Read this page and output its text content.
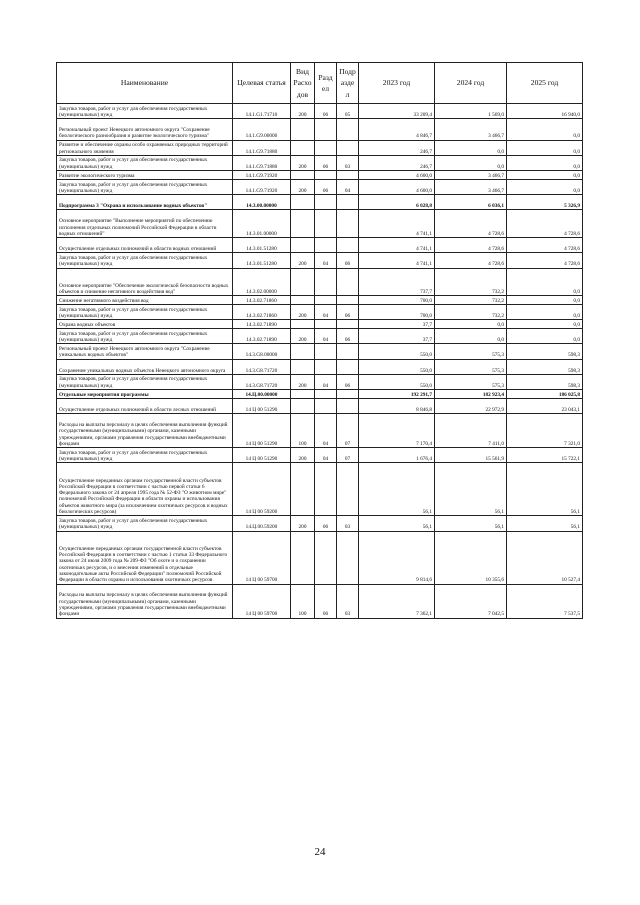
Наименование	Целевая статья	Вид Расхо дов	Разд ел	Подр азде л	2023 год	2024 год	2025 год
Закупка товаров, работ и услуг для обеспечения государственных (муниципальных) нужд	14.1.G1.71710	200	06	05	33 209,4	1 569,0	16 940,0
Региональный проект Ненецкого автономного округа "Сохранение биологического разнообразия и развитие экологического туризма"	14.1.G9.00000				4 846,7	3 466,7	0,0
Развитие и обеспечение охраны особо охраняемых природных территорий регионального значения	14.1.G9.71880				246,7	0,0	0,0
Закупка товаров, работ и услуг для обеспечения государственных (муниципальных) нужд	14.1.G9.71880	200	06	03	246,7	0,0	0,0
Развитие экологического туризма	14.1.G9.71920				4 600,0	3 466,7	0,0
Закупка товаров, работ и услуг для обеспечения государственных (муниципальных) нужд	14.1.G9.71920	200	06	04	4 600,0	3 466,7	0,0
Подпрограмма 3 "Охрана и использование водных объектов"	14.3.00.00000				6 028,8	6 036,1	5 326,9
Основное мероприятие "Выполнение мероприятий по обеспечению исполнения отдельных полномочий Российской Федерации в области водных отношений"	14.3.01.00000				4 741,1	4 728,6	4 728,6
Осуществление отдельных полномочий в области водных отношений	14.3.01.51280				4 741,1	4 728,6	4 728,6
Закупка товаров, работ и услуг для обеспечения государственных (муниципальных) нужд	14.3.01.51280	200	04	06	4 741,1	4 728,6	4 728,6
Основное мероприятие "Обеспечение экологической безопасности водных объектов и снижение негативного воздействия вод"	14.3.02.00000				737,7	732,2	0,0
Снижение негативного воздействия вод	14.3.02.71860				700,0	732,2	0,0
Закупка товаров, работ и услуг для обеспечения государственных (муниципальных) нужд	14.3.02.71860	200	04	06	700,0	732,2	0,0
Охрана водных объектов	14.3.02.71890				37,7	0,0	0,0
Закупка товаров, работ и услуг для обеспечения государственных (муниципальных) нужд	14.3.02.71890	200	04	06	37,7	0,0	0,0
Региональный проект Ненецкого автономного округа "Сохранение уникальных водных объектов"	14.3.G8.00000				550,0	575,3	598,3
Сохранение уникальных водных объектов Ненецкого автономного округа	14.3.G8.71720				550,0	575,3	598,3
Закупка товаров, работ и услуг для обеспечения государственных (муниципальных) нужд	14.3.G8.71720	200	04	06	550,0	575,3	598,3
Отдельные мероприятия программы	14.Ц.00.00000				192 291,7	182 923,4	186 025,8
Осуществление отдельных полномочий в области лесных отношений	14 Ц 00 51290				8 846,8	22 972,9	23 043,1
Расходы на выплаты персоналу в целях обеспечения выполнения функций государственными (муниципальными) органами, казенными учреждениями, органами управления государственными внебюджетными фондами	14 Ц 00 51290	100	04	07	7 170,4	7 411,0	7 321,0
Закупка товаров, работ и услуг для обеспечения государственных (муниципальных) нужд	14 Ц 00 51290	200	04	07	1 676,4	15 561,9	15 722,1
Осуществление переданных органам государственной власти субъектов Российской Федерации в соответствии с частью первой статьи 6 Федерального закона от 24 апреля 1995 года № 52-ФЗ "О животном мире" полномочий Российской Федерации в области охраны и использования объектов животного мира (за исключением охотничьих ресурсов и водных биологических ресурсов)	14 Ц 00 59200				56,1	56,1	56,1
Закупка товаров, работ и услуг для обеспечения государственных (муниципальных) нужд	14.Ц.00.59200	200	06	03	56,1	56,1	56,1
Осуществление переданных органам государственной власти субъектов Российской Федерации в соответствии с частью 1 статьи 33 Федерального закона от 24 июля 2009 года № 209-ФЗ "Об охоте и о сохранении охотничьих ресурсов, и о внесении изменений в отдельные законодательные акты Российской Федерации" полномочий Российской Федерации в области охраны и использования охотничьих ресурсов	14 Ц 00 59700				9 814,6	10 355,6	10 527,4
Расходы на выплаты персоналу в целях обеспечения выполнения функций государственными (муниципальными) органами, казенными учреждениями, органами управления государственными внебюджетными фондами	14 Ц 00 59700	100	06	03	7 362,1	7 042,5	7 537,5
24
